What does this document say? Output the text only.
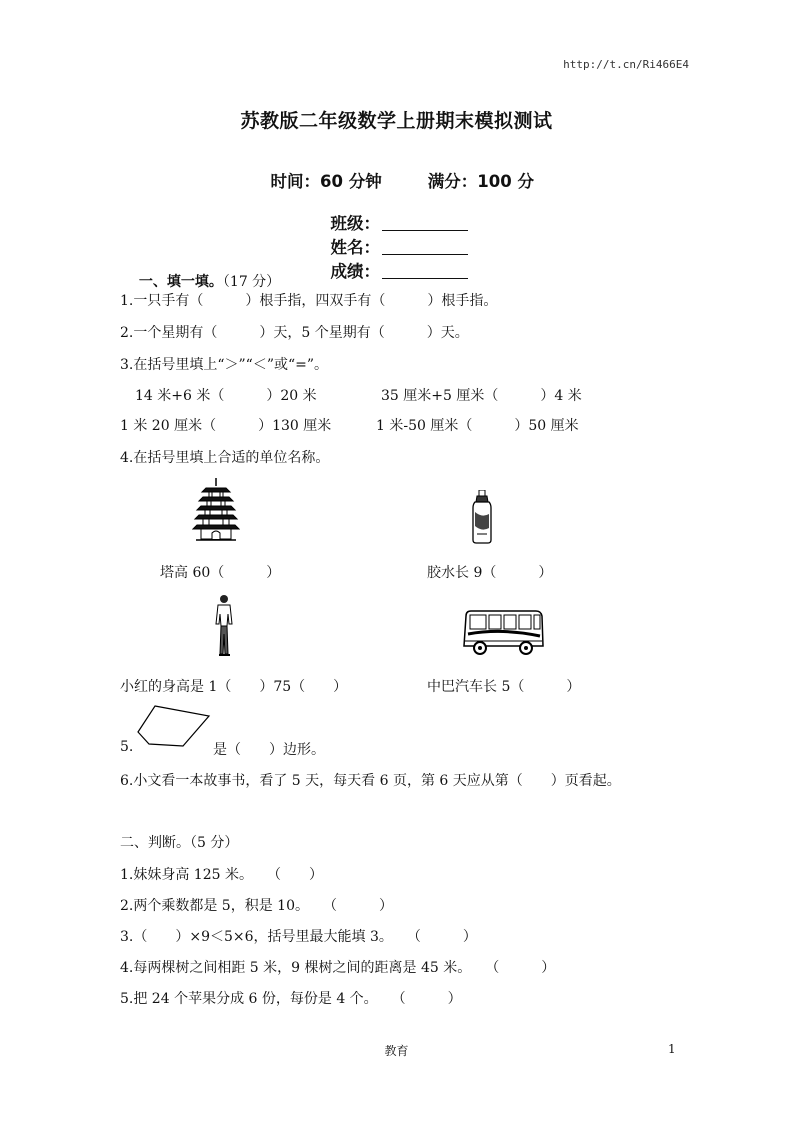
http://t.cn/Ri466E4
苏教版二年级数学上册期末模拟测试

时间：60 分钟	满分：100 分

班级：
姓名：
成绩：

一、填一填。（17 分）

1.一只手有（　　　）根手指，四双手有（　　　）根手指。
2.一个星期有（　　　）天，5 个星期有（　　　）天。
3.在括号里填上“＞”“＜”或“=”。
14 米+6 米（　　　）20 米	35 厘米+5 厘米（　　　）4 米
1 米 20 厘米（　　　）130 厘米	1 米-50 厘米（　　　）50 厘米
4.在括号里填上合适的单位名称。
塔高 60（　　　）	胶水长 9（　　　）
小红的身高是 1（　　）75（　　）	中巴汽车长 5（　　　）
5.	是（　　）边形。
6.小文看一本故事书，看了 5 天，每天看 6 页，第 6 天应从第（　　）页看起。
二、判断。（5 分）
1.妹妹身高 125 米。　　（　　）
2.两个乘数都是 5，积是 10。　　（　　　）
3.（　　）×9＜5×6，括号里最大能填 3。　　（　　　）
4.每两棵树之间相距 5 米，9 棵树之间的距离是 45 米。　　（　　　）
5.把 24 个苹果分成 6 份，每份是 4 个。　　（　　　）
教育	1
